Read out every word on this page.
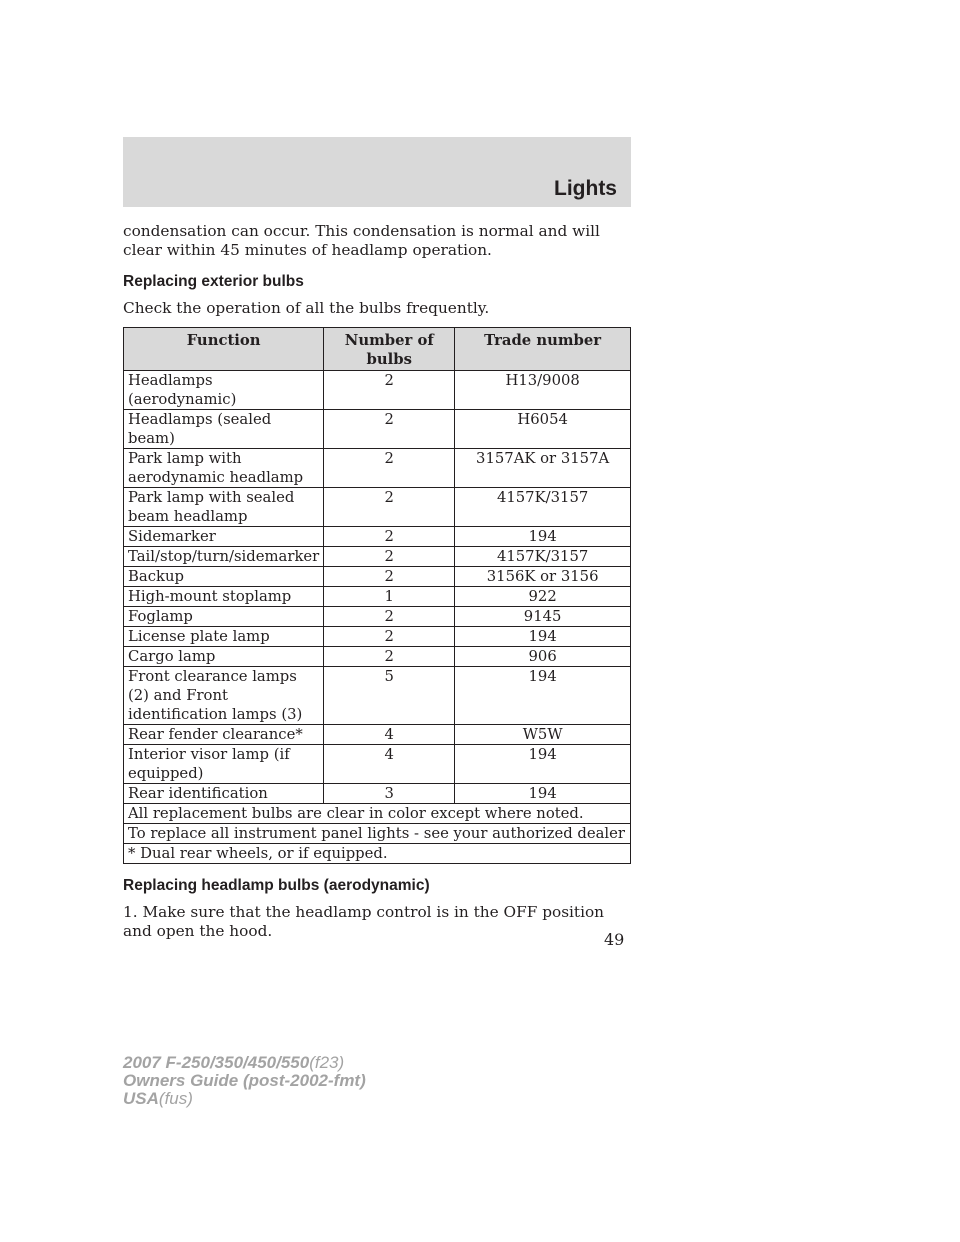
Lights

condensation can occur. This condensation is normal and will clear within 45 minutes of headlamp operation.

Replacing exterior bulbs

Check the operation of all the bulbs frequently.

Function	Number of bulbs	Trade number
Headlamps (aerodynamic)	2	H13/9008
Headlamps (sealed beam)	2	H6054
Park lamp with aerodynamic headlamp	2	3157AK or 3157A
Park lamp with sealed beam headlamp	2	4157K/3157
Sidemarker	2	194
Tail/stop/turn/sidemarker	2	4157K/3157
Backup	2	3156K or 3156
High-mount stoplamp	1	922
Foglamp	2	9145
License plate lamp	2	194
Cargo lamp	2	906
Front clearance lamps (2) and Front identification lamps (3)	5	194
Rear fender clearance*	4	W5W
Interior visor lamp (if equipped)	4	194
Rear identification	3	194
All replacement bulbs are clear in color except where noted.		
To replace all instrument panel lights - see your authorized dealer		
* Dual rear wheels, or if equipped.		
Replacing headlamp bulbs (aerodynamic)

1. Make sure that the headlamp control is in the OFF position and open the hood.	49
2007 F-250/350/450/550(f23)
Owners Guide (post-2002-fmt)
USA(fus)
